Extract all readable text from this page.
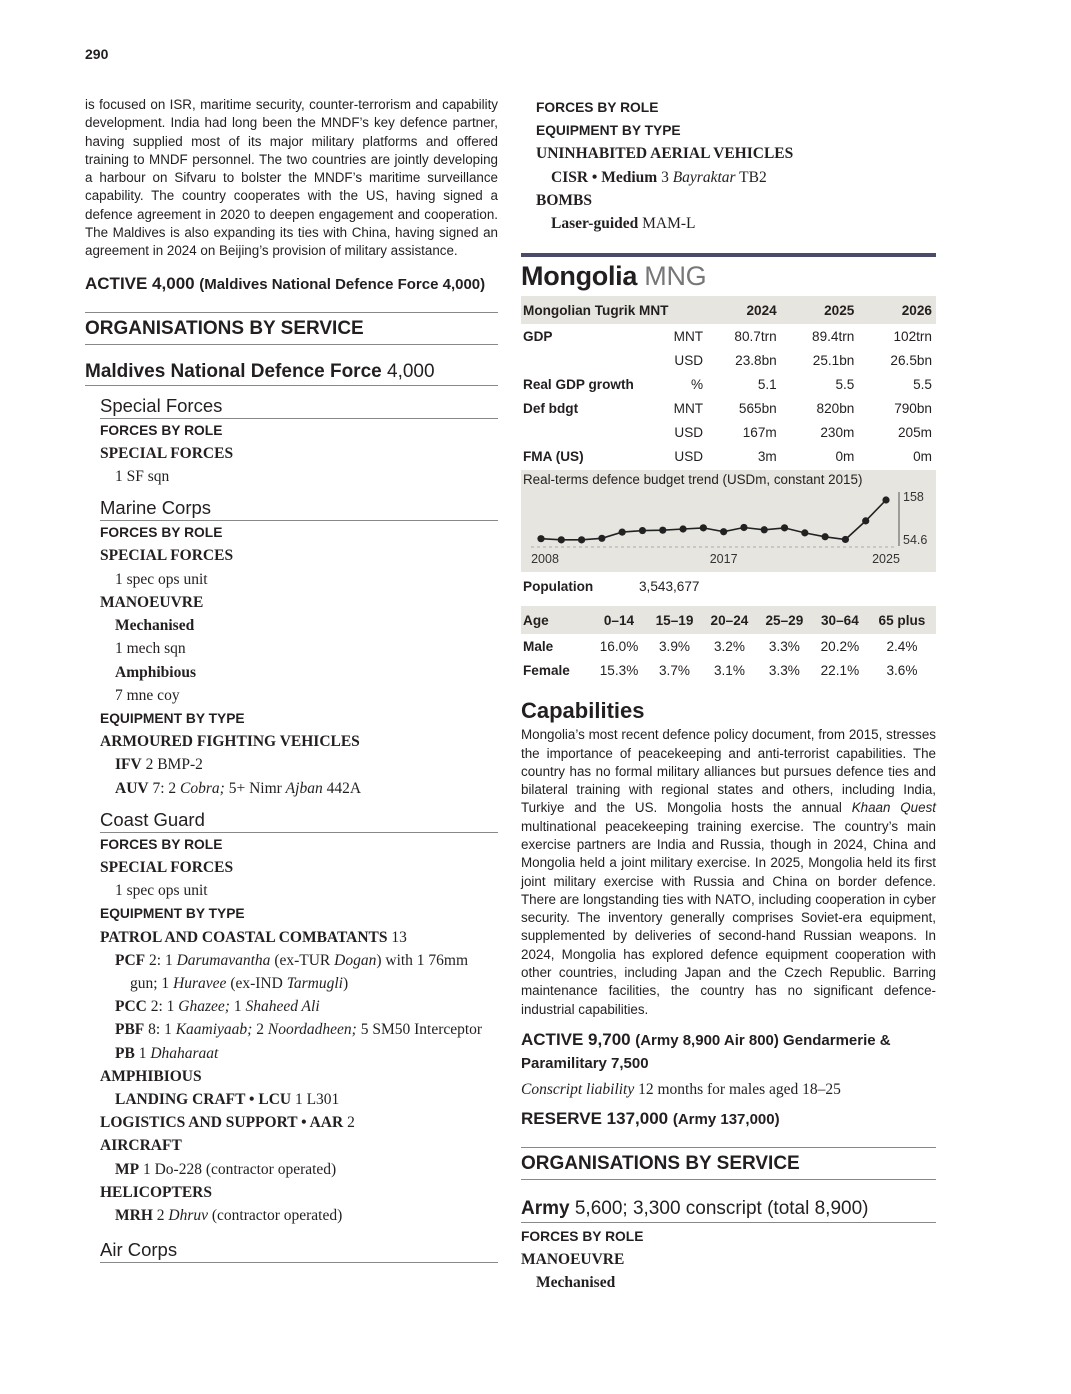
290

is focused on ISR, maritime security, counter-terrorism and capability development. India had long been the MNDF’s key defence partner, having supplied most of its major military platforms and offered training to MNDF personnel. The two countries are jointly developing a harbour on Sifvaru to bolster the MNDF’s maritime surveillance capability. The country cooperates with the US, having signed a defence agreement in 2020 to deepen engagement and cooperation. The Maldives is also expanding its ties with China, having signed an agreement in 2024 on Beijing’s provision of military assistance.

ACTIVE 4,000 (Maldives National Defence Force 4,000)
ORGANISATIONS BY SERVICE
Maldives National Defence Force 4,000
Special Forces
FORCES BY ROLE
SPECIAL FORCES
1 SF sqn
Marine Corps
FORCES BY ROLE
SPECIAL FORCES
1 spec ops unit
MANOEUVRE
Mechanised
1 mech sqn
Amphibious
7 mne coy
EQUIPMENT BY TYPE
ARMOURED FIGHTING VEHICLES
IFV 2 BMP-2
AUV 7: 2 Cobra; 5+ Nimr Ajban 442A
Coast Guard
FORCES BY ROLE
SPECIAL FORCES
1 spec ops unit
EQUIPMENT BY TYPE
PATROL AND COASTAL COMBATANTS 13
PCF 2: 1 Darumavantha (ex-TUR Dogan) with 1 76mm gun; 1 Huravee (ex-IND Tarmugli)
PCC 2: 1 Ghazee; 1 Shaheed Ali
PBF 8: 1 Kaamiyaab; 2 Noordadheen; 5 SM50 Interceptor
PB 1 Dhaharaat
AMPHIBIOUS
LANDING CRAFT • LCU 1 L301
LOGISTICS AND SUPPORT • AAR 2
AIRCRAFT
MP 1 Do-228 (contractor operated)
HELICOPTERS
MRH 2 Dhruv (contractor operated)
Air Corps
FORCES BY ROLE
EQUIPMENT BY TYPE
UNINHABITED AERIAL VEHICLES
CISR • Medium 3 Bayraktar TB2
BOMBS
Laser-guided MAM-L
Mongolia MNG
Mongolian Tugrik MNT		2024	2025	2026
GDP	MNT	80.7trn	89.4trn	102trn
	USD	23.8bn	25.1bn	26.5bn
Real GDP growth	%	5.1	5.5	5.5
Def bdgt	MNT	565bn	820bn	790bn
	USD	167m	230m	205m
FMA (US)	USD	3m	0m	0m
Real-terms defence budget trend (USDm, constant 2015)
2008	2017	2025
158
54.6
Population	3,543,677
Age	0–14	15–19	20–24	25–29	30–64	65 plus
Male	16.0%	3.9%	3.2%	3.3%	20.2%	2.4%
Female	15.3%	3.7%	3.1%	3.3%	22.1%	3.6%
Capabilities

Mongolia’s most recent defence policy document, from 2015, stresses the importance of peacekeeping and anti-terrorist capabilities. The country has no formal military alliances but pursues defence ties and bilateral training with regional states and others, including India, Turkiye and the US. Mongolia hosts the annual Khaan Quest multinational peacekeeping training exercise. The country’s main exercise partners are India and Russia, though in 2024, China and Mongolia held a joint military exercise. In 2025, Mongolia held its first joint military exercise with Russia and China on border defence. There are longstanding ties with NATO, including cooperation in cyber security. The inventory generally comprises Soviet-era equipment, supplemented by deliveries of second-hand Russian weapons. In 2024, Mongolia has explored defence equipment cooperation with other countries, including Japan and the Czech Republic. Barring maintenance facilities, the country has no significant defence-industrial capabilities.

ACTIVE 9,700 (Army 8,900 Air 800) Gendarmerie & Paramilitary 7,500
Conscript liability 12 months for males aged 18–25
RESERVE 137,000 (Army 137,000)
ORGANISATIONS BY SERVICE
Army 5,600; 3,300 conscript (total 8,900)
FORCES BY ROLE
MANOEUVRE
Mechanised
